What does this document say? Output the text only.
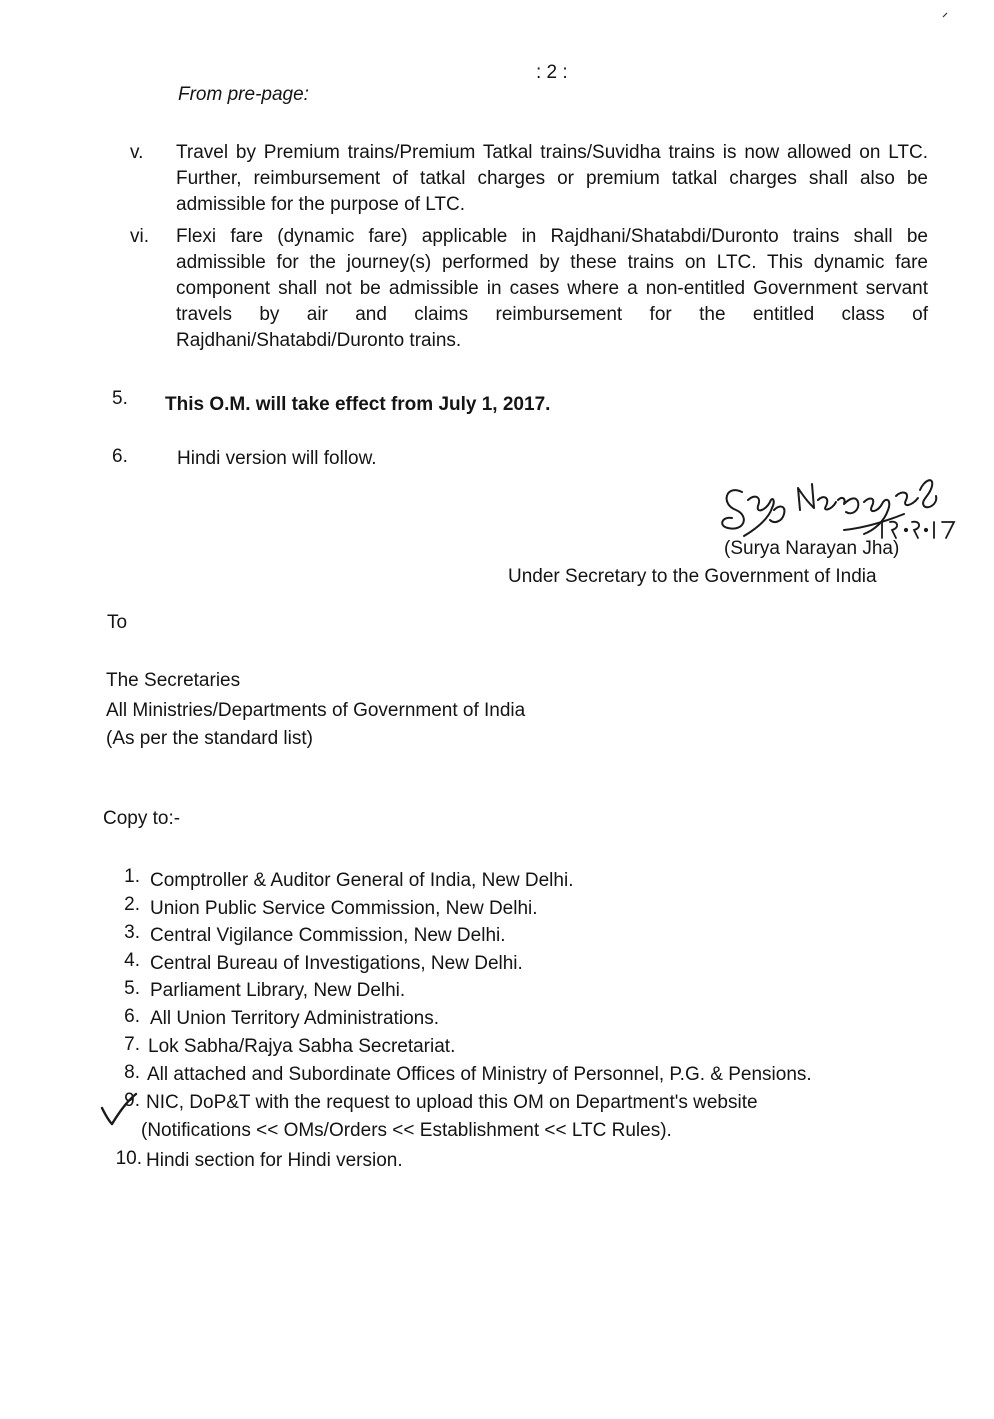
: 2 :
From pre-page:
v. Travel by Premium trains/Premium Tatkal trains/Suvidha trains is now allowed on LTC. Further, reimbursement of tatkal charges or premium tatkal charges shall also be admissible for the purpose of LTC.
vi. Flexi fare (dynamic fare) applicable in Rajdhani/Shatabdi/Duronto trains shall be admissible for the journey(s) performed by these trains on LTC. This dynamic fare component shall not be admissible in cases where a non-entitled Government servant travels by air and claims reimbursement for the entitled class of Rajdhani/Shatabdi/Duronto trains.
5. This O.M. will take effect from July 1, 2017.
6.	Hindi version will follow.
(Surya Narayan Jha)
Under Secretary to the Government of India
To
The Secretaries
All Ministries/Departments of Government of India
(As per the standard list)
Copy to:-
1. Comptroller & Auditor General of India, New Delhi.
2. Union Public Service Commission, New Delhi.
3. Central Vigilance Commission, New Delhi.
4. Central Bureau of Investigations, New Delhi.
5. Parliament Library, New Delhi.
6. All Union Territory Administrations.
7. Lok Sabha/Rajya Sabha Secretariat.
8. All attached and Subordinate Offices of Ministry of Personnel, P.G. & Pensions.
9. NIC, DoP&T with the request to upload this OM on Department's website
(Notifications << OMs/Orders << Establishment << LTC Rules).
10. Hindi section for Hindi version.
